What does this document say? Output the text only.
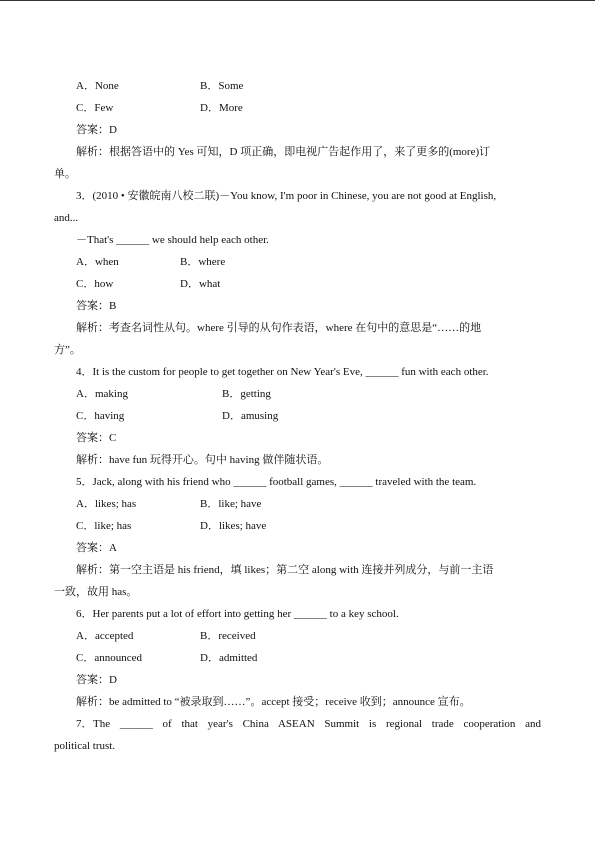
A．None	B．Some
C．Few	D．More
答案：D
解析：根据答语中的 Yes 可知，D 项正确，即电视广告起作用了，来了更多的(more)订
单。
3．(2010 • 安徽皖南八校二联)－You know, I'm poor in Chinese, you are not good at English,
and...
－That's ______ we should help each other.
A．when	B．where
C．how	D．what
答案：B
解析：考查名词性从句。where 引导的从句作表语，where 在句中的意思是“……的地
方”。
4．It is the custom for people to get together on New Year's Eve, ______ fun with each other.
A．making	B．getting
C．having	D．amusing
答案：C
解析：have fun 玩得开心。句中 having 做伴随状语。
5．Jack, along with his friend who ______ football games, ______ traveled with the team.
A．likes; has	B．like; have
C．like; has	D．likes; have
答案：A
解析：第一空主语是 his friend，填 likes；第二空 along with 连接并列成分，与前一主语
一致，故用 has。
6．Her parents put a lot of effort into getting her ______ to a key school.
A．accepted	B．received
C．announced	D．admitted
答案：D
解析：be admitted to “被录取到……”。accept 接受；receive 收到；announce 宣布。
7． The ______ of that year's China ASEAN Summit is regional trade cooperation and
political trust.
